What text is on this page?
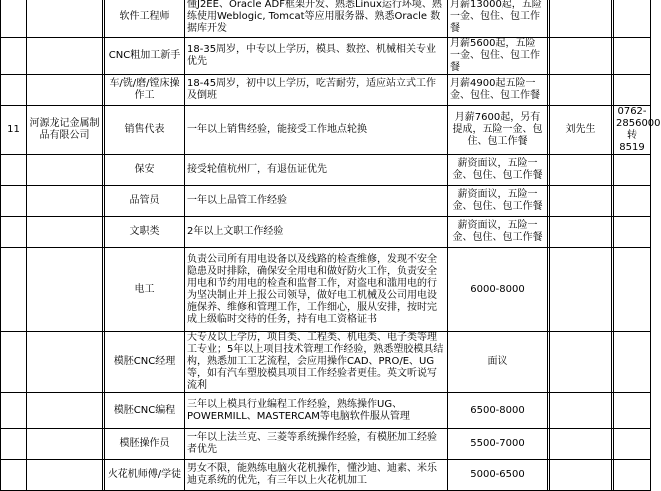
			软件工程师	懂J2EE、Oracle ADF框架开发、熟悉Linux运行环境、熟练使用Weblogic, Tomcat等应用服务器、熟悉Oracle 数据库开发	月薪13000起，五险一金、包住、包工作餐				
			CNC粗加工新手	18-35周岁，中专以上学历，模具、数控、机械相关专业优先	月薪5600起，五险一金、包住、包工作餐				
			车/铣/磨/镗床操作工	18-45周岁，初中以上学历，吃苦耐劳，适应站立式工作及倒班	月薪4900起五险一金、包住、包工作餐				
11	河源龙记金属制品有限公司		销售代表	一年以上销售经验，能接受工作地点轮换	月薪7600起，另有提成，五险一金、包住、包工作餐		刘先生		0762-2856000转8519
			保安	接受轮值杭州厂，有退伍证优先	薪资面议，五险一金、包住、包工作餐				
			品管员	一年以上品管工作经验	薪资面议，五险一金、包住、包工作餐				
			文职类	2年以上文职工作经验	薪资面议，五险一金、包住、包工作餐				
			电工	负责公司所有用电设备以及线路的检查维修，发现不安全隐患及时排除，确保安全用电和做好防火工作，负责安全用电和节约用电的检查和监督工作，对盗电和滥用电的行为坚决制止并上报公司领导，做好电工机械及公司用电设施保养、维修和管理工作，工作细心，服从安排，按时完成上级临时交待的任务，持有电工资格证书	6000-8000				
			模胚CNC经理	大专及以上学历，项目类、工程类、机电类、电子类等理工专业；5年以上项目技术管理工作经验，熟悉塑胶模具结构，熟悉加工工艺流程，会应用操作CAD、PRO/E、UG等，如有汽车塑胶模具项目工作经验者更佳。英文听说写流利	面议				
			模胚CNC编程	三年以上模具行业编程工作经验，熟练操作UG、POWERMILL、MASTERCAM等电脑软件服从管理	6500-8000				
			模胚操作员	一年以上法兰克、三菱等系统操作经验，有模胚加工经验者优先	5500-7000				
			火花机师傅/学徒	男女不限，能熟练电脑火花机操作，懂沙迪、迪素、米乐迪克系统的优先，有三年以上火花机加工	5000-6500				
